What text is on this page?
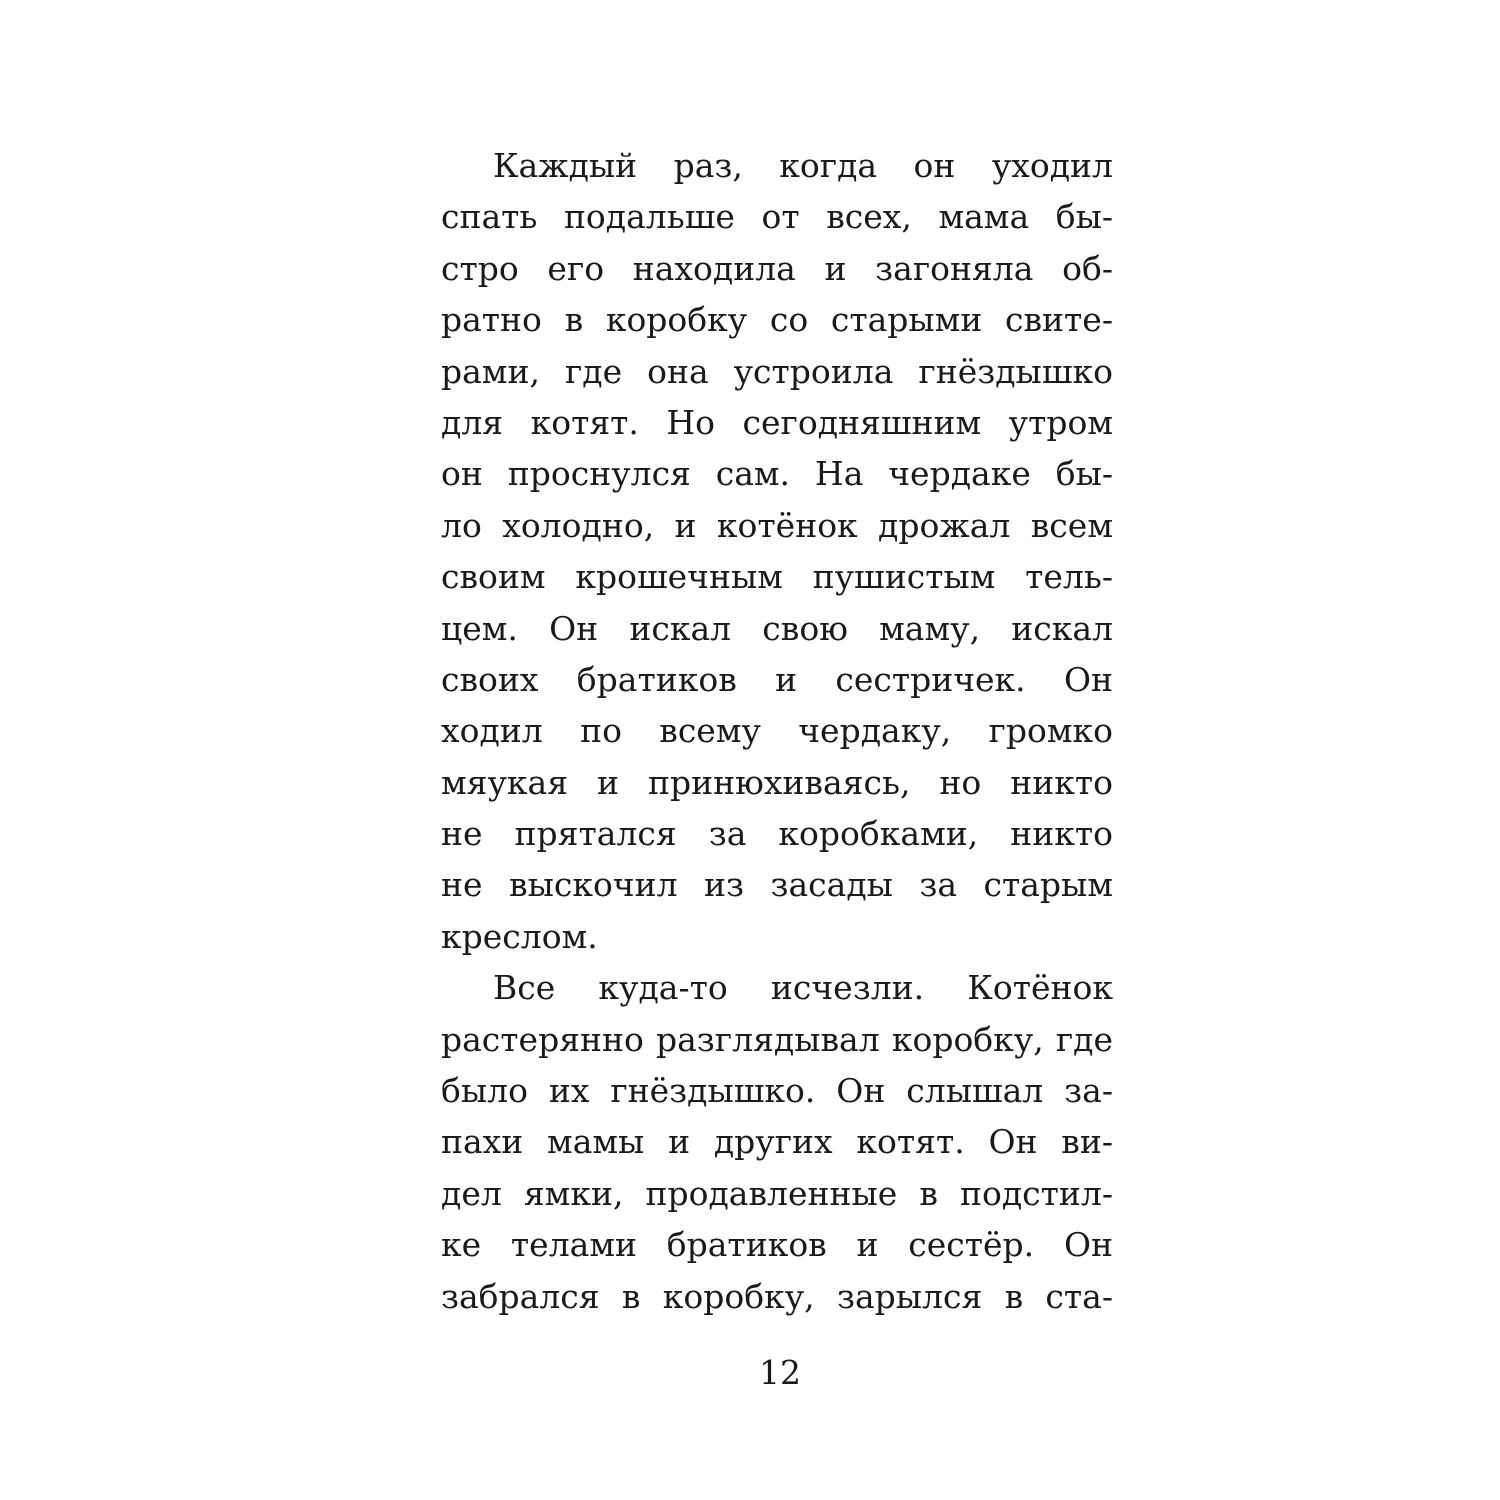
Каждый раз, когда он уходил
спать подальше от всех, мама бы-
стро его находила и загоняла об-
ратно в коробку со старыми свите-
рами, где она устроила гнёздышко
для котят. Но сегодняшним утром
он проснулся сам. На чердаке бы-
ло холодно, и котёнок дрожал всем
своим крошечным пушистым тель-
цем. Он искал свою маму, искал
своих братиков и сестричек. Он
ходил по всему чердаку, громко
мяукая и принюхиваясь, но никто
не прятался за коробками, никто
не выскочил из засады за старым
креслом.
Все куда-то исчезли. Котёнок
растерянно разглядывал коробку, где
было их гнёздышко. Он слышал за-
пахи мамы и других котят. Он ви-
дел ямки, продавленные в подстил-
ке телами братиков и сестёр. Он
забрался в коробку, зарылся в ста-
12
